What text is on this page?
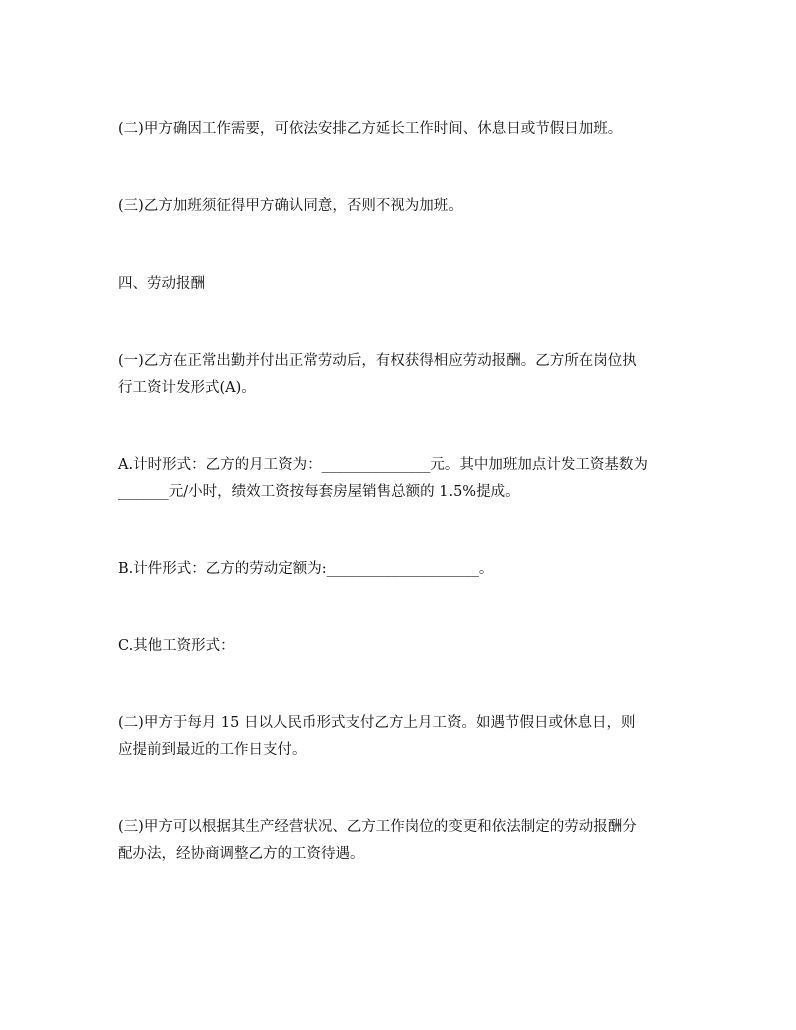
(二)甲方确因工作需要，可依法安排乙方延长工作时间、休息日或节假日加班。

(三)乙方加班须征得甲方确认同意，否则不视为加班。

四、劳动报酬

(一)乙方在正常出勤并付出正常劳动后，有权获得相应劳动报酬。乙方所在岗位执
行工资计发形式(A)。

A.计时形式：乙方的月工资为：_______________元。其中加班加点计发工资基数为
_______元/小时，绩效工资按每套房屋销售总额的 1.5%提成。

B.计件形式：乙方的劳动定额为:_____________________。

C.其他工资形式：

(二)甲方于每月 15 日以人民币形式支付乙方上月工资。如遇节假日或休息日，则
应提前到最近的工作日支付。

(三)甲方可以根据其生产经营状况、乙方工作岗位的变更和依法制定的劳动报酬分
配办法，经协商调整乙方的工资待遇。
